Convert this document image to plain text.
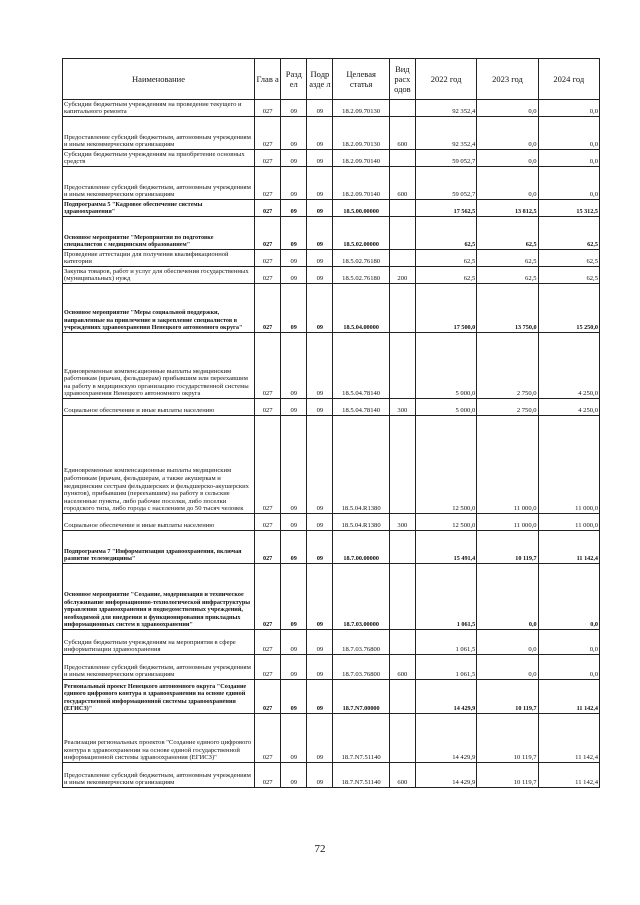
Наименование	Глав а	Разд ел	Подр азде л	Целевая статья	Вид расх одов	2022 год	2023 год	2024 год
Субсидии бюджетным учреждениям на проведение текущего и капитального ремонта	027	09	09	18.2.09.70130		92 352,4	0,0	0,0
Предоставление субсидий бюджетным, автономным учреждениям и иным некоммерческим организациям	027	09	09	18.2.09.70130	600	92 352,4	0,0	0,0
Субсидии бюджетным учреждениям на приобретение основных средств	027	09	09	18.2.09.70140		59 052,7	0,0	0,0
Предоставление субсидий бюджетным, автономным учреждениям и иным некоммерческим организациям	027	09	09	18.2.09.70140	600	59 052,7	0,0	0,0
Подпрограмма 5 "Кадровое обеспечение системы здравоохранения"	027	09	09	18.5.00.00000		17 562,5	13 812,5	15 312,5
Основное мероприятие "Мероприятия по подготовке специалистов с медицинским образованием"	027	09	09	18.5.02.00000		62,5	62,5	62,5
Проведение аттестации для получения квалификационной категории	027	09	09	18.5.02.76180		62,5	62,5	62,5
Закупка товаров, работ и услуг для обеспечения государственных (муниципальных) нужд	027	09	09	18.5.02.76180	200	62,5	62,5	62,5
Основное мероприятие "Меры социальной поддержки, направленные на привлечение и закрепление специалистов в учреждениях здравоохранения Ненецкого автономного округа"	027	09	09	18.5.04.00000		17 500,0	13 750,0	15 250,0
Единовременные компенсационные выплаты медицинским работникам (врачам, фельдшерам) прибывшим или переехавшим на работу в медицинскую организацию государственной системы здравоохранения Ненецкого автономного округа	027	09	09	18.5.04.78140		5 000,0	2 750,0	4 250,0
Социальное обеспечение и иные выплаты населению	027	09	09	18.5.04.78140	300	5 000,0	2 750,0	4 250,0
Единовременные компенсационные выплаты медицинским работникам (врачам, фельдшерам, а также акушеркам и медицинским сестрам фельдшерских и фельдшерско-акушерских пунктов), прибывшим (переехавшим) на работу в сельские населенные пункты, либо рабочие поселки, либо поселки городского типа, либо города с населением до 50 тысяч человек	027	09	09	18.5.04.R1380		12 500,0	11 000,0	11 000,0
Социальное обеспечение и иные выплаты населению	027	09	09	18.5.04.R1380	300	12 500,0	11 000,0	11 000,0
Подпрограмма 7 "Информатизация здравоохранения, включая развитие телемедицины"	027	09	09	18.7.00.00000		15 491,4	10 119,7	11 142,4
Основное мероприятие "Создание, модернизация и техническое обслуживание информационно-технологической инфраструктуры управления здравоохранения и подведомственных учреждений, необходимой для внедрения и функционирования прикладных информационных систем в здравоохранении"	027	09	09	18.7.03.00000		1 061,5	0,0	0,0
Субсидии бюджетным учреждениям на мероприятия в сфере информатизации здравоохранения	027	09	09	18.7.03.76800		1 061,5	0,0	0,0
Предоставление субсидий бюджетным, автономным учреждениям и иным некоммерческим организациям	027	09	09	18.7.03.76800	600	1 061,5	0,0	0,0
Региональный проект Ненецкого автономного округа "Создание единого цифрового контура в здравоохранении на основе единой государственной информационной системы здравоохранения (ЕГИСЗ)"	027	09	09	18.7.N7.00000		14 429,9	10 119,7	11 142,4
Реализация региональных проектов "Создание единого цифрового контура в здравоохранении на основе единой государственной информационной системы здравоохранения (ЕГИСЗ)"	027	09	09	18.7.N7.51140		14 429,9	10 119,7	11 142,4
Предоставление субсидий бюджетным, автономным учреждениям и иным некоммерческим организациям	027	09	09	18.7.N7.51140	600	14 429,9	10 119,7	11 142,4
72
